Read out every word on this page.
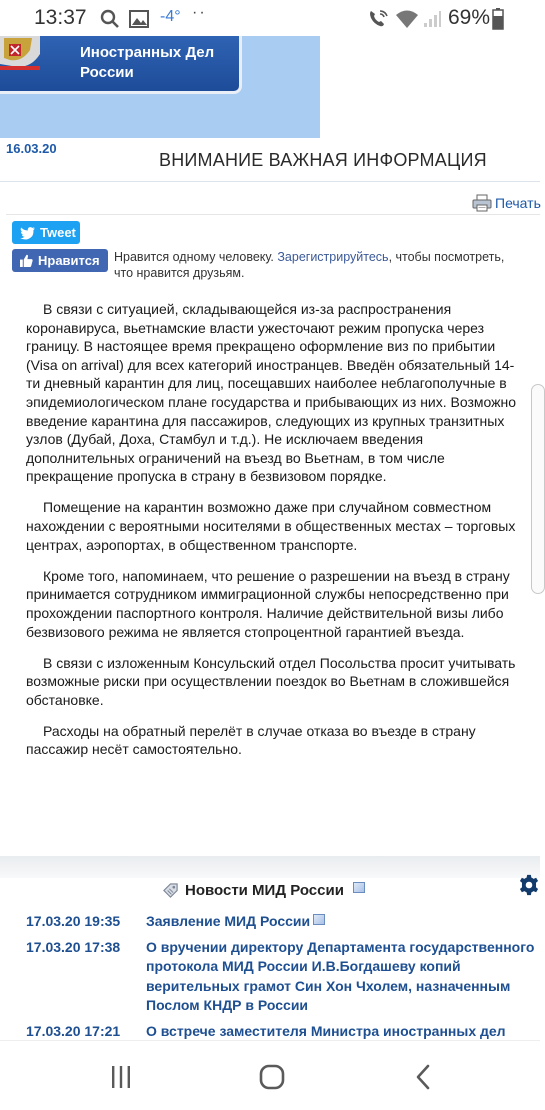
13:37	-4° ··	69%
Иностранных Дел
России
16.03.20
ВНИМАНИЕ ВАЖНАЯ ИНФОРМАЦИЯ
Печать
Tweet
Нравится Нравится одному человеку. Зарегистрируйтесь, чтобы посмотреть,
что нравится друзьям.

В связи с ситуацией, складывающейся из-за распространения коронавируса, вьетнамские власти ужесточают режим пропуска через границу. В настоящее время прекращено оформление виз по прибытии (Visa on arrival) для всех категорий иностранцев. Введён обязательный 14-ти дневный карантин для лиц, посещавших наиболее неблагополучные в эпидемиологическом плане государства и прибывающих из них. Возможно введение карантина для пассажиров, следующих из крупных транзитных узлов (Дубай, Доха, Стамбул и т.д.). Не исключаем введения дополнительных ограничений на въезд во Вьетнам, в том числе прекращение пропуска в страну в безвизовом порядке.

Помещение на карантин возможно даже при случайном совместном нахождении с вероятными носителями в общественных местах – торговых центрах, аэропортах, в общественном транспорте.

Кроме того, напоминаем, что решение о разрешении на въезд в страну принимается сотрудником иммиграционной службы непосредственно при прохождении паспортного контроля. Наличие действительной визы либо безвизового режима не является стопроцентной гарантией въезда.

В связи с изложенным Консульский отдел Посольства просит учитывать возможные риски при осуществлении поездок во Вьетнам в сложившейся обстановке.

Расходы на обратный перелёт в случае отказа во въезде в страну пассажир несёт самостоятельно.

Новости МИД России
17.03.20 19:35	Заявление МИД России
17.03.20 17:38	О вручении директору Департамента государственного протокола МИД России И.В.Богдашеву копий верительных грамот Син Хон Чхолем, назначенным Послом КНДР в России
17.03.20 17:21	О встрече заместителя Министра иностранных дел
